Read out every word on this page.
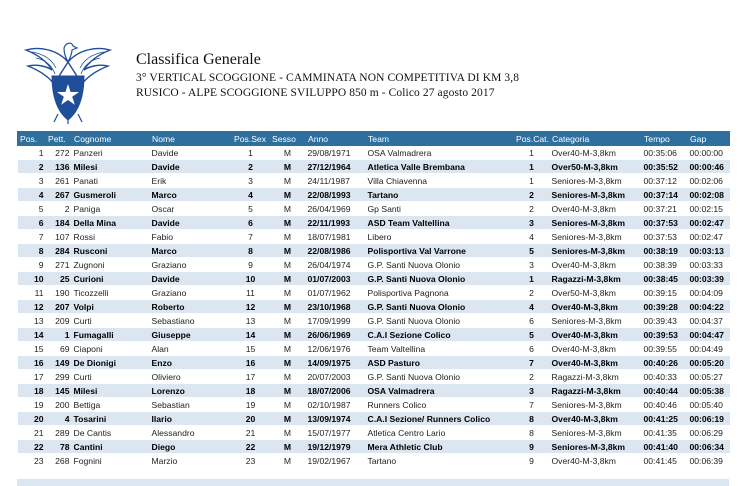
Classifica Generale
3° VERTICAL SCOGGIONE - CAMMINATA NON COMPETITIVA DI KM 3,8
RUSICO - ALPE SCOGGIONE SVILUPPO 850 m - Colico 27 agosto 2017
Pos.	Pett.	Cognome	Nome	Pos.Sex	Sesso	Anno	Team	Pos.Cat.	Categoria	Tempo	Gap
1	272	Panzeri	Davide	1	M	29/08/1971	OSA Valmadrera	1	Over40-M-3,8km	00:35:06	00:00:00
2	136	Milesi	Davide	2	M	27/12/1964	Atletica Valle Brembana	1	Over50-M-3,8km	00:35:52	00:00:46
3	261	Panati	Erik	3	M	24/11/1987	Villa Chiavenna	1	Seniores-M-3,8km	00:37:12	00:02:06
4	267	Gusmeroli	Marco	4	M	22/08/1993	Tartano	2	Seniores-M-3,8km	00:37:14	00:02:08
5	2	Paniga	Oscar	5	M	26/04/1969	Gp Santi	2	Over40-M-3,8km	00:37:21	00:02:15
6	184	Della Mina	Davide	6	M	22/11/1993	ASD Team Valtellina	3	Seniores-M-3,8km	00:37:53	00:02:47
7	107	Rossi	Fabio	7	M	18/07/1981	Libero	4	Seniores-M-3,8km	00:37:53	00:02:47
8	284	Rusconi	Marco	8	M	22/08/1986	Polisportiva Val Varrone	5	Seniores-M-3,8km	00:38:19	00:03:13
9	271	Zugnoni	Graziano	9	M	26/04/1974	G.P. Santi Nuova Olonio	3	Over40-M-3,8km	00:38:39	00:03:33
10	25	Curioni	Davide	10	M	01/07/2003	G.P. Santi Nuova Olonio	1	Ragazzi-M-3,8km	00:38:45	00:03:39
11	190	Ticozzelli	Graziano	11	M	01/07/1962	Polisportiva Pagnona	2	Over50-M-3,8km	00:39:15	00:04:09
12	207	Volpi	Roberto	12	M	23/10/1968	G.P. Santi Nuova Olonio	4	Over40-M-3,8km	00:39:28	00:04:22
13	209	Curti	Sebastiano	13	M	17/09/1999	G.P. Santi Nuova Olonio	6	Seniores-M-3,8km	00:39:43	00:04:37
14	1	Fumagalli	Giuseppe	14	M	26/06/1969	C.A.I Sezione Colico	5	Over40-M-3,8km	00:39:53	00:04:47
15	69	Ciaponi	Alan	15	M	12/06/1976	Team Valtellina	6	Over40-M-3,8km	00:39:55	00:04:49
16	149	De Dionigi	Enzo	16	M	14/09/1975	ASD Pasturo	7	Over40-M-3,8km	00:40:26	00:05:20
17	299	Curti	Oliviero	17	M	20/07/2003	G.P. Santi Nuova Olonio	2	Ragazzi-M-3,8km	00:40:33	00:05:27
18	145	Milesi	Lorenzo	18	M	18/07/2006	OSA Valmadrera	3	Ragazzi-M-3,8km	00:40:44	00:05:38
19	200	Bettiga	Sebastian	19	M	02/10/1987	Runners Colico	7	Seniores-M-3,8km	00:40:46	00:05:40
20	4	Tosarini	Ilario	20	M	13/09/1974	C.A.I Sezione/ Runners Colico	8	Over40-M-3,8km	00:41:25	00:06:19
21	289	De Cantis	Alessandro	21	M	15/07/1977	Atletica Centro Lario	8	Seniores-M-3,8km	00:41:35	00:06:29
22	78	Cantini	Diego	22	M	19/12/1979	Mera Athletic Club	9	Seniores-M-3,8km	00:41:40	00:06:34
23	268	Fognini	Marzio	23	M	19/02/1967	Tartano	9	Over40-M-3,8km	00:41:45	00:06:39
